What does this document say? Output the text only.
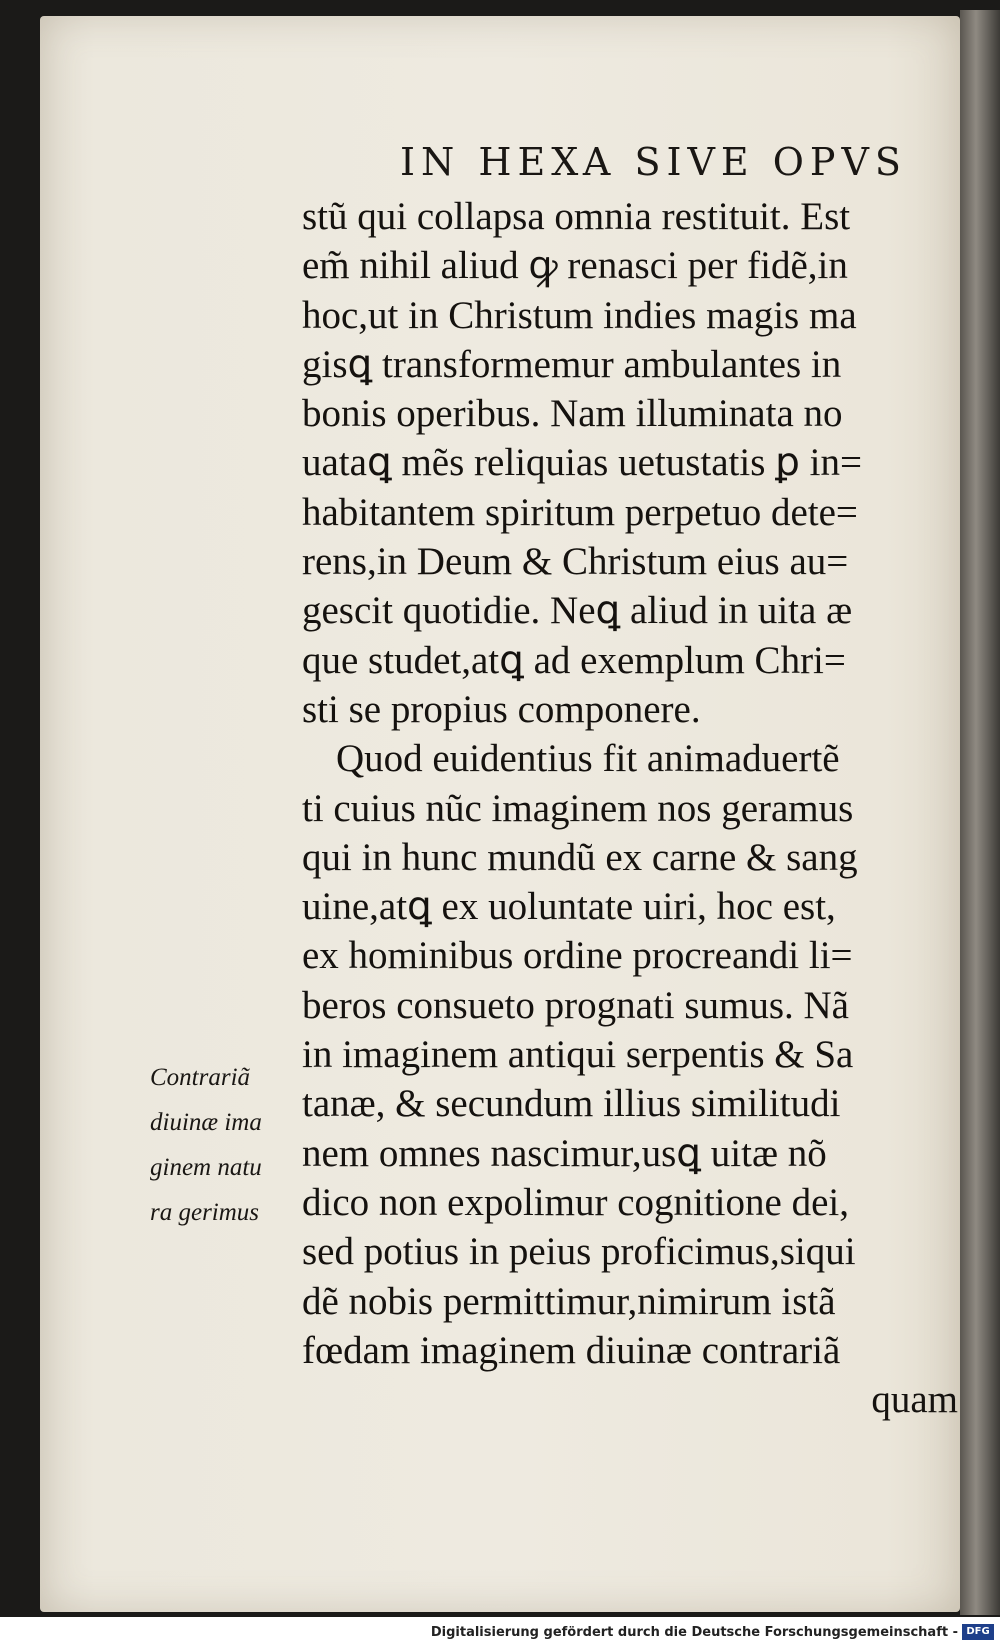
IN HEXA SIVE OPVS
stũ qui collapsa omnia restituit. Est
em̃ nihil aliud ꝙ renasci per fidẽ,in
hoc,ut in Christum indies magis ma
gisꝗ transformemur ambulantes in
bonis operibus. Nam illuminata no
uataꝗ mẽs reliquias uetustatis ꝑ in=
habitantem spiritum perpetuo dete=
rens,in Deum & Christum eius au=
gescit quotidie. Neꝗ aliud in uita æ
que studet,atꝗ ad exemplum Chri=
sti se propius componere.
Quod euidentius fit animaduertẽ
ti cuius nũc imaginem nos geramus
qui in hunc mundũ ex carne & sang
uine,atꝗ ex uoluntate uiri, hoc est,
ex hominibus ordine procreandi li=
beros consueto prognati sumus. Nã
in imaginem antiqui serpentis & Sa
tanæ, & secundum illius similitudi
nem omnes nascimur,usꝗ uitæ nõ
dico non expolimur cognitione dei,
sed potius in peius proficimus,siqui
dẽ nobis permittimur,nimirum istã
fœdam imaginem diuinæ contrariã
quam
Contrariã
diuinæ ima
ginem natu
ra gerimus
Digitalisierung gefördert durch die Deutsche Forschungsgemeinschaft - DFG
